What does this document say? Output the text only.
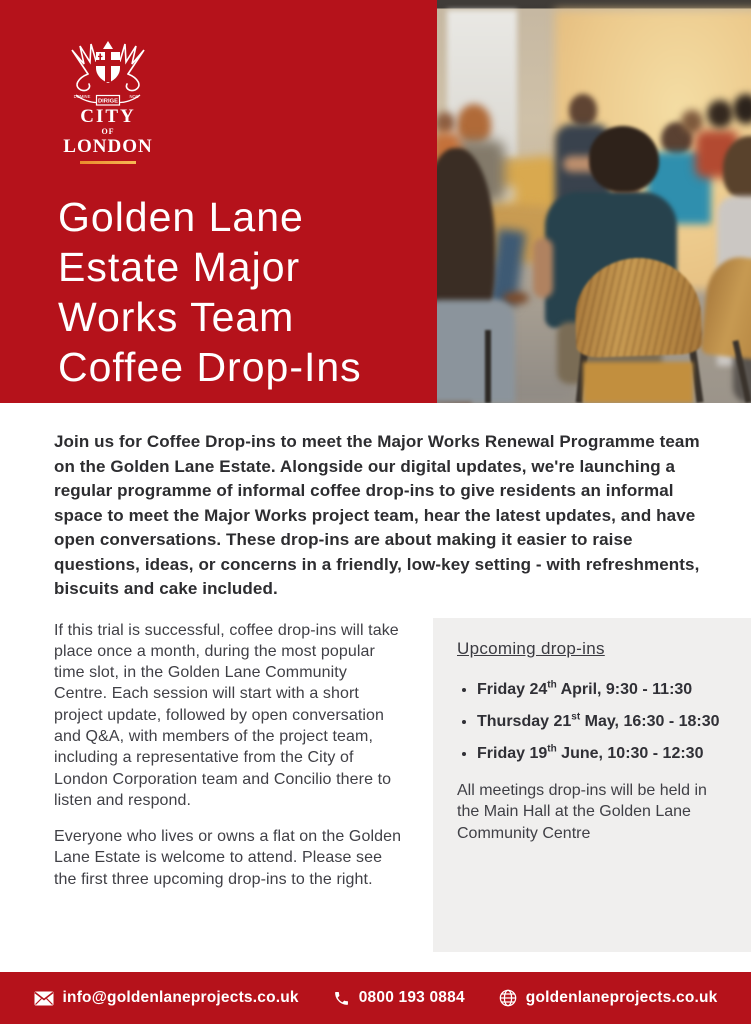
DOMINE
DIRIGE
NOS
CITY
OF
LONDON
Golden Lane
Estate Major
Works Team
Coffee Drop-Ins
Join us for Coffee Drop-ins to meet the Major Works Renewal Programme team on the Golden Lane Estate. Alongside our digital updates, we're launching a regular programme of informal coffee drop-ins to give residents an informal space to meet the Major Works project team, hear the latest updates, and have open conversations. These drop-ins are about making it easier to raise questions, ideas, or concerns in a friendly, low-key setting - with refreshments, biscuits and cake included.

If this trial is successful, coffee drop-ins will take place once a month, during the most popular time slot, in the Golden Lane Community Centre. Each session will start with a short project update, followed by open conversation and Q&A, with members of the project team, including a representative from the City of London Corporation team and Concilio there to listen and respond.

Everyone who lives or owns a flat on the Golden Lane Estate is welcome to attend. Please see the first three upcoming drop-ins to the right.

Upcoming drop-ins

• Friday 24th April, 9:30 - 11:30
• Thursday 21st May, 16:30 - 18:30
• Friday 19th June, 10:30 - 12:30

All meetings drop-ins will be held in the Main Hall at the Golden Lane Community Centre

info@goldenlaneprojects.co.uk	0800 193 0884	goldenlaneprojects.co.uk
